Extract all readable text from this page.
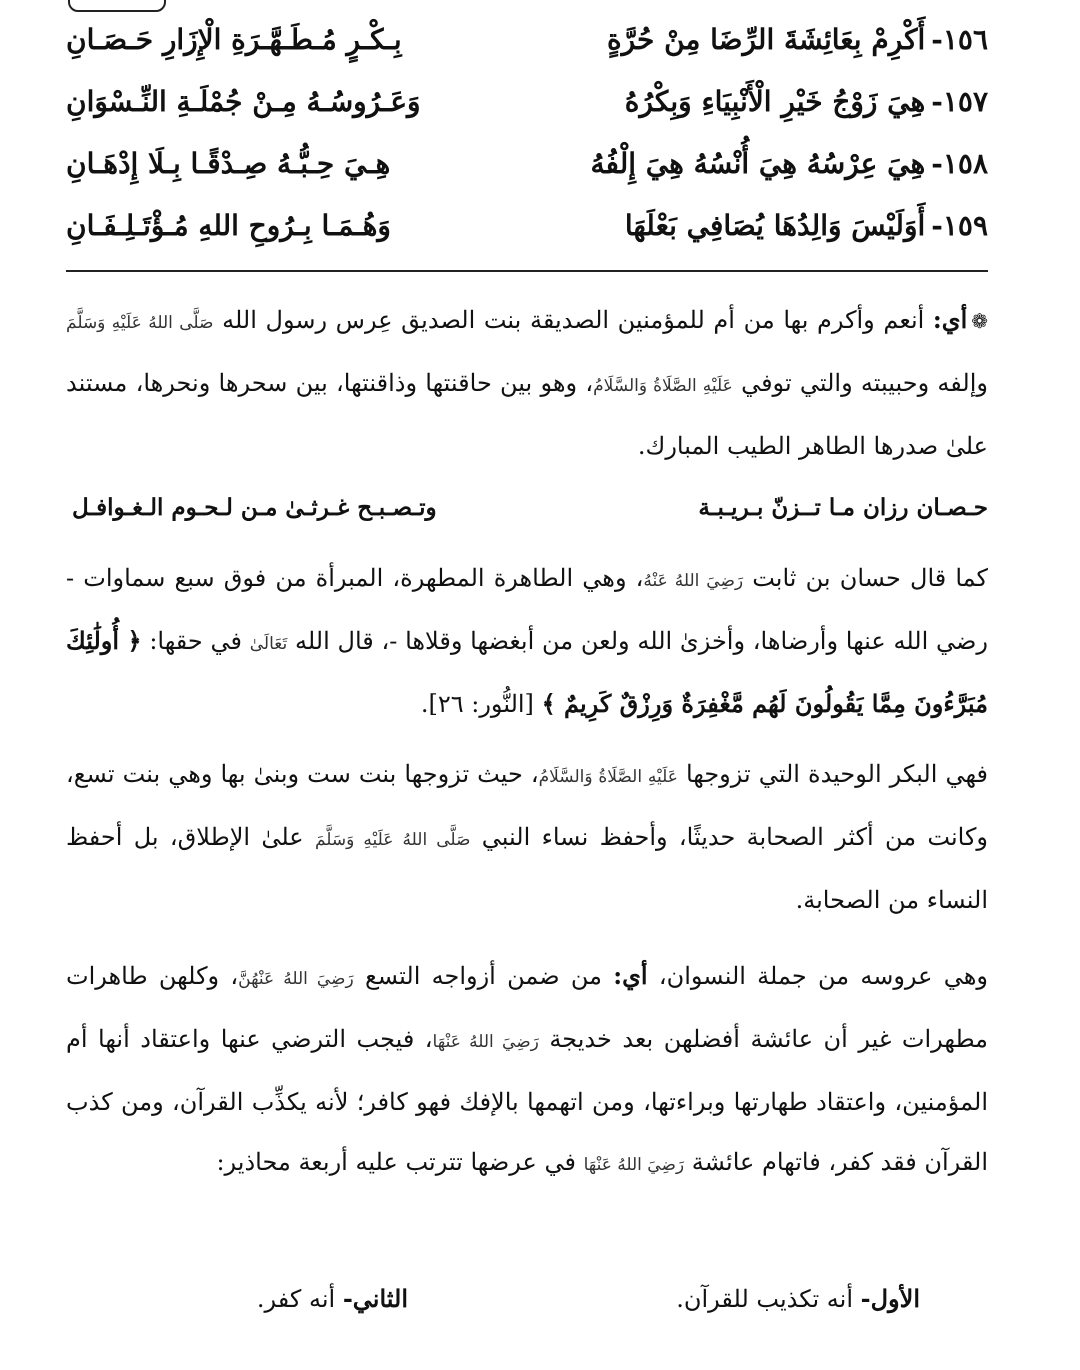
١٥٦-أَكْرِمْ بِعَائِشَةَ الرِّضَا مِنْ حُرَّةٍ
بِـكْـرٍ مُـطَـهَّـرَةِ الْإِزَارِ حَـصَـانِ
١٥٧-هِيَ زَوْجُ خَيْرِ الْأَنْبِيَاءِ وَبِكْرُهُ
وَعَـرُوسُـهُ مِـنْ جُمْلَـةِ النِّـسْوَانِ
١٥٨-هِيَ عِرْسُهُ هِيَ أُنْسُهُ هِيَ إِلْفُهُ
هِـيَ حِـبُّـهُ صِـدْقًـا بِـلَا إِدْهَـانِ
١٥٩-أَوَلَيْسَ وَالِدُهَا يُصَافِي بَعْلَهَا
وَهُـمَـا بِـرُوحِ اللهِ مُـؤْتَـلِـفَـانِ
❁أي: أنعم وأكرم بها من أم للمؤمنين الصديقة بنت الصديق عِرس رسول الله صَلَّى اللهُ عَلَيْهِ وَسَلَّمَ وإلفه وحبيبته والتي توفي عَلَيْهِ الصَّلَاةُ وَالسَّلَامُ، وهو بين حاقنتها وذاقنتها، بين سحرها ونحرها، مستند علىٰ صدرها الطاهر الطيب المبارك.
حـصـان رزان مـا تــزنّ بـريـبـة
وتـصـبـح غـرثـىٰ مـن لـحـوم الـغـوافـل
كما قال حسان بن ثابت رَضِيَ اللهُ عَنْهُ، وهي الطاهرة المطهرة، المبرأة من فوق سبع سماوات - رضي الله عنها وأرضاها، وأخزىٰ الله ولعن من أبغضها وقلاها -، قال الله تَعَالَىٰ في حقها: ﴿ أُولَٰئِكَ مُبَرَّءُونَ مِمَّا يَقُولُونَ لَهُم مَّغْفِرَةٌ وَرِزْقٌ كَرِيمٌ ﴾ [النُّور: ٢٦].
فهي البكر الوحيدة التي تزوجها عَلَيْهِ الصَّلَاةُ وَالسَّلَامُ، حيث تزوجها بنت ست وبنىٰ بها وهي بنت تسع، وكانت من أكثر الصحابة حديثًا، وأحفظ نساء النبي صَلَّى اللهُ عَلَيْهِ وَسَلَّمَ علىٰ الإطلاق، بل أحفظ النساء من الصحابة.
وهي عروسه من جملة النسوان، أي: من ضمن أزواجه التسع رَضِيَ اللهُ عَنْهُنَّ، وكلهن طاهرات مطهرات غير أن عائشة أفضلهن بعد خديجة رَضِيَ اللهُ عَنْهَا، فيجب الترضي عنها واعتقاد أنها أم المؤمنين، واعتقاد طهارتها وبراءتها، ومن اتهمها بالإفك فهو كافر؛ لأنه يكذِّب القرآن، ومن كذب القرآن فقد كفر، فاتهام عائشة رَضِيَ اللهُ عَنْهَا في عرضها تترتب عليه أربعة محاذير:
الأول- أنه تكذيب للقرآن.
الثاني- أنه كفر.
